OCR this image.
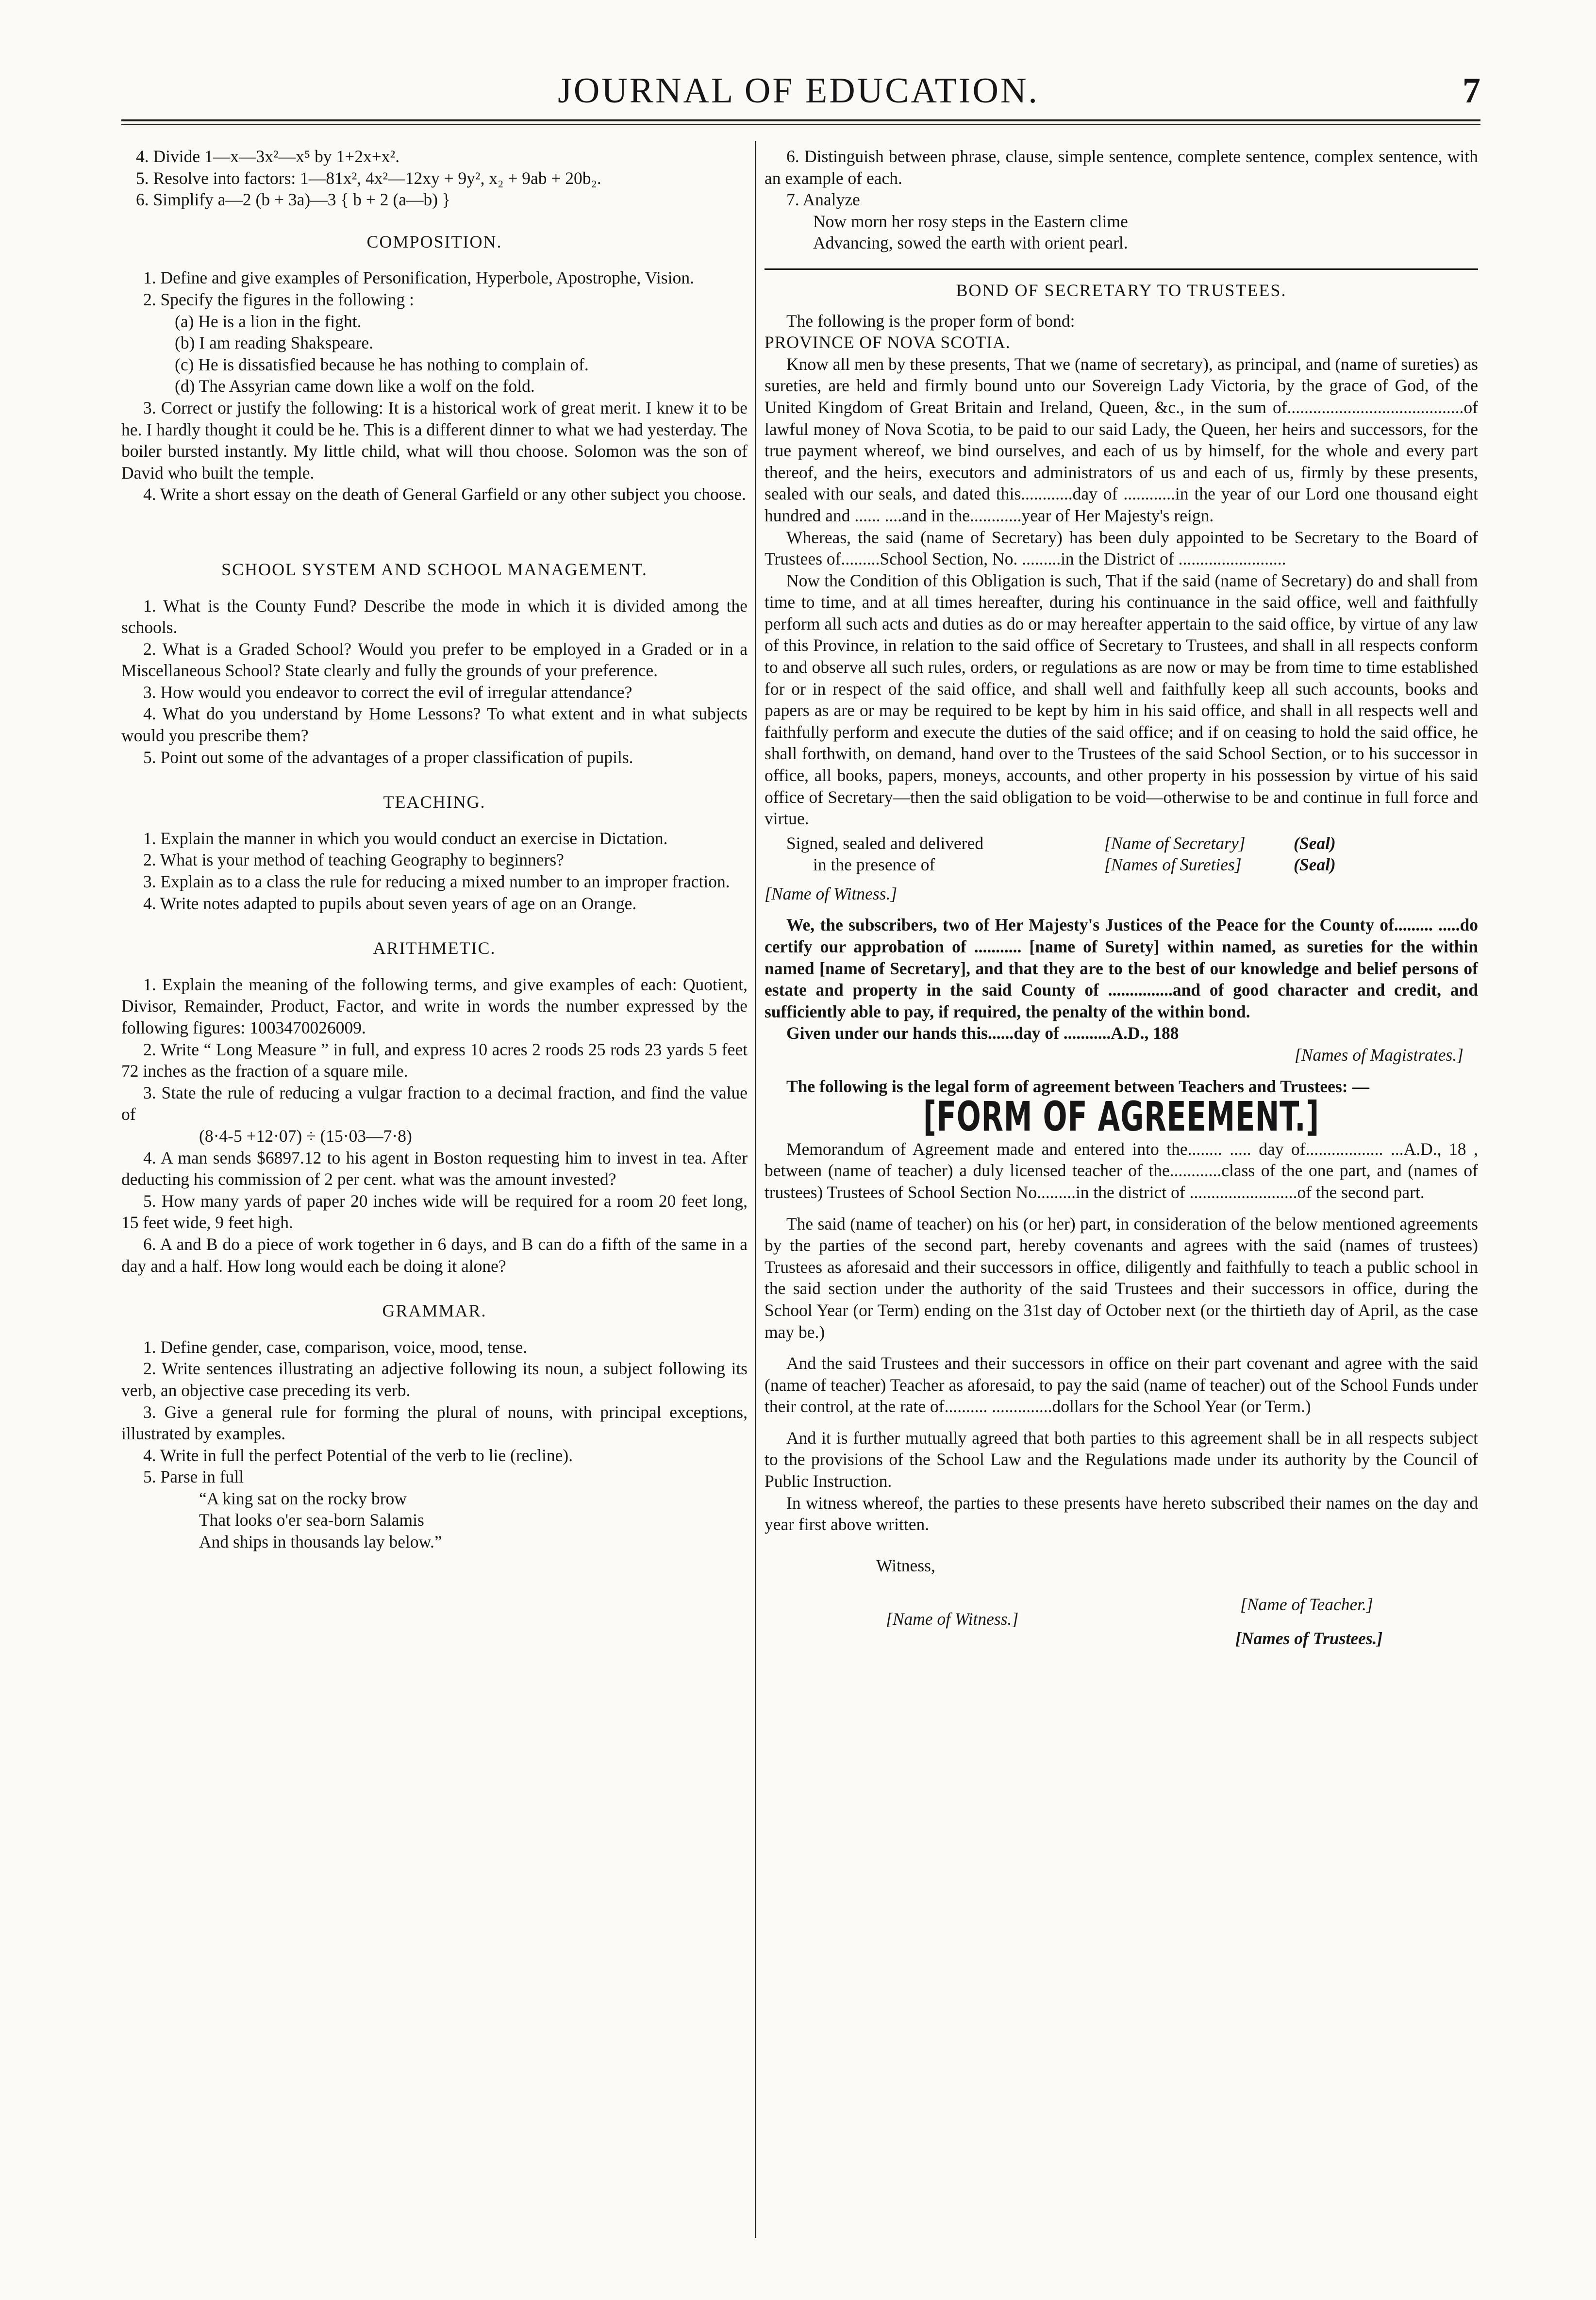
JOURNAL OF EDUCATION.	7

4. Divide 1—x—3x²—x⁵ by 1+2x+x².

5. Resolve into factors: 1—81x², 4x²—12xy + 9y², x₂ + 9ab + 20b₂.

6. Simplify a—2 (b + 3a)—3 { b + 2 (a—b) }

COMPOSITION.

1. Define and give examples of Personification, Hyperbole, Apostrophe, Vision.

2. Specify the figures in the following :

(a) He is a lion in the fight.

(b) I am reading Shakspeare.

(c) He is dissatisfied because he has nothing to complain of.

(d) The Assyrian came down like a wolf on the fold.

3. Correct or justify the following: It is a historical work of great merit. I knew it to be he. I hardly thought it could be he. This is a different dinner to what we had yesterday. The boiler bursted instantly. My little child, what will thou choose. Solomon was the son of David who built the temple.

4. Write a short essay on the death of General Garfield or any other subject you choose.

SCHOOL SYSTEM AND SCHOOL MANAGEMENT.

1. What is the County Fund? Describe the mode in which it is divided among the schools.

2. What is a Graded School? Would you prefer to be employed in a Graded or in a Miscellaneous School? State clearly and fully the grounds of your preference.

3. How would you endeavor to correct the evil of irregular attendance?

4. What do you understand by Home Lessons? To what extent and in what subjects would you prescribe them?

5. Point out some of the advantages of a proper classification of pupils.

TEACHING.

1. Explain the manner in which you would conduct an exercise in Dictation.

2. What is your method of teaching Geography to beginners?

3. Explain as to a class the rule for reducing a mixed number to an improper fraction.

4. Write notes adapted to pupils about seven years of age on an Orange.

ARITHMETIC.

1. Explain the meaning of the following terms, and give examples of each: Quotient, Divisor, Remainder, Product, Factor, and write in words the number expressed by the following figures: 1003470026009.

2. Write “ Long Measure ” in full, and express 10 acres 2 roods 25 rods 23 yards 5 feet 72 inches as the fraction of a square mile.

3. State the rule of reducing a vulgar fraction to a decimal fraction, and find the value of

(8·4-5 +12·07) ÷ (15·03—7·8)

4. A man sends $6897.12 to his agent in Boston requesting him to invest in tea. After deducting his commission of 2 per cent. what was the amount invested?

5. How many yards of paper 20 inches wide will be required for a room 20 feet long, 15 feet wide, 9 feet high.

6. A and B do a piece of work together in 6 days, and B can do a fifth of the same in a day and a half. How long would each be doing it alone?

GRAMMAR.

1. Define gender, case, comparison, voice, mood, tense.

2. Write sentences illustrating an adjective following its noun, a subject following its verb, an objective case preceding its verb.

3. Give a general rule for forming the plural of nouns, with principal exceptions, illustrated by examples.

4. Write in full the perfect Potential of the verb to lie (recline).

5. Parse in full

“A king sat on the rocky brow

That looks o'er sea-born Salamis

And ships in thousands lay below.”

6. Distinguish between phrase, clause, simple sentence, complete sentence, complex sentence, with an example of each.

7. Analyze

Now morn her rosy steps in the Eastern clime

Advancing, sowed the earth with orient pearl.

BOND OF SECRETARY TO TRUSTEES.

The following is the proper form of bond:

PROVINCE OF NOVA SCOTIA.

Know all men by these presents, That we (name of secretary), as principal, and (name of sureties) as sureties, are held and firmly bound unto our Sovereign Lady Victoria, by the grace of God, of the United Kingdom of Great Britain and Ireland, Queen, &c., in the sum of.........................................of lawful money of Nova Scotia, to be paid to our said Lady, the Queen, her heirs and successors, for the true payment whereof, we bind ourselves, and each of us by himself, for the whole and every part thereof, and the heirs, executors and administrators of us and each of us, firmly by these presents, sealed with our seals, and dated this............day of ............in the year of our Lord one thousand eight hundred and ...... ....and in the............year of Her Majesty's reign.

Whereas, the said (name of Secretary) has been duly appointed to be Secretary to the Board of Trustees of.........School Section, No. .........in the District of .........................

Now the Condition of this Obligation is such, That if the said (name of Secretary) do and shall from time to time, and at all times hereafter, during his continuance in the said office, well and faithfully perform all such acts and duties as do or may hereafter appertain to the said office, by virtue of any law of this Province, in relation to the said office of Secretary to Trustees, and shall in all respects conform to and observe all such rules, orders, or regulations as are now or may be from time to time established for or in respect of the said office, and shall well and faithfully keep all such accounts, books and papers as are or may be required to be kept by him in his said office, and shall in all respects well and faithfully perform and execute the duties of the said office; and if on ceasing to hold the said office, he shall forthwith, on demand, hand over to the Trustees of the said School Section, or to his successor in office, all books, papers, moneys, accounts, and other property in his possession by virtue of his said office of Secretary—then the said obligation to be void—otherwise to be and continue in full force and virtue.

Signed, sealed and delivered
in the presence of
[Name of Secretary]
[Names of Sureties]
(Seal)
(Seal)

[Name of Witness.]

We, the subscribers, two of Her Majesty's Justices of the Peace for the County of......... .....do certify our approbation of ........... [name of Surety] within named, as sureties for the within named [name of Secretary], and that they are to the best of our knowledge and belief persons of estate and property in the said County of ...............and of good character and credit, and sufficiently able to pay, if required, the penalty of the within bond.

Given under our hands this......day of ...........A.D., 188

[Names of Magistrates.]

The following is the legal form of agreement between Teachers and Trustees: —

[FORM OF AGREEMENT.]

Memorandum of Agreement made and entered into the........ ..... day of.................. ...A.D., 18 , between (name of teacher) a duly licensed teacher of the............class of the one part, and (names of trustees) Trustees of School Section No.........in the district of .........................of the second part.

The said (name of teacher) on his (or her) part, in consideration of the below mentioned agreements by the parties of the second part, hereby covenants and agrees with the said (names of trustees) Trustees as aforesaid and their successors in office, diligently and faithfully to teach a public school in the said section under the authority of the said Trustees and their successors in office, during the School Year (or Term) ending on the 31st day of October next (or the thirtieth day of April, as the case may be.)

And the said Trustees and their successors in office on their part covenant and agree with the said (name of teacher) Teacher as aforesaid, to pay the said (name of teacher) out of the School Funds under their control, at the rate of.......... ..............dollars for the School Year (or Term.)

And it is further mutually agreed that both parties to this agreement shall be in all respects subject to the provisions of the School Law and the Regulations made under its authority by the Council of Public Instruction.

In witness whereof, the parties to these presents have hereto subscribed their names on the day and year first above written.

Witness,
[Name of Teacher.]
[Name of Witness.]
[Names of Trustees.]
